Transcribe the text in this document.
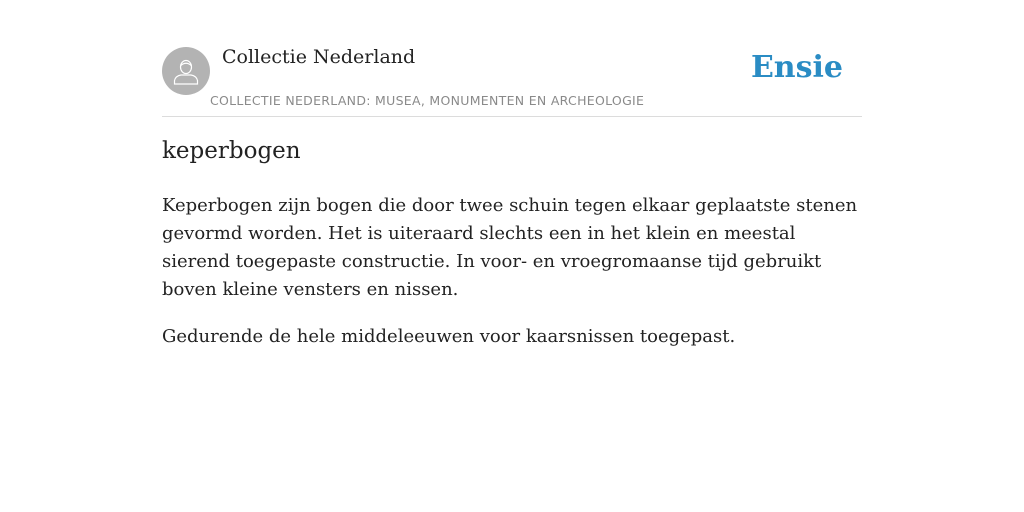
Collectie Nederland
COLLECTIE NEDERLAND: MUSEA, MONUMENTEN EN ARCHEOLOGIE
Ensie
keperbogen

Keperbogen zijn bogen die door twee schuin tegen elkaar geplaatste stenen gevormd worden. Het is uiteraard slechts een in het klein en meestal sierend toegepaste constructie. In voor- en vroegromaanse tijd gebruikt boven kleine vensters en nissen.

Gedurende de hele middeleeuwen voor kaarsnissen toegepast.
